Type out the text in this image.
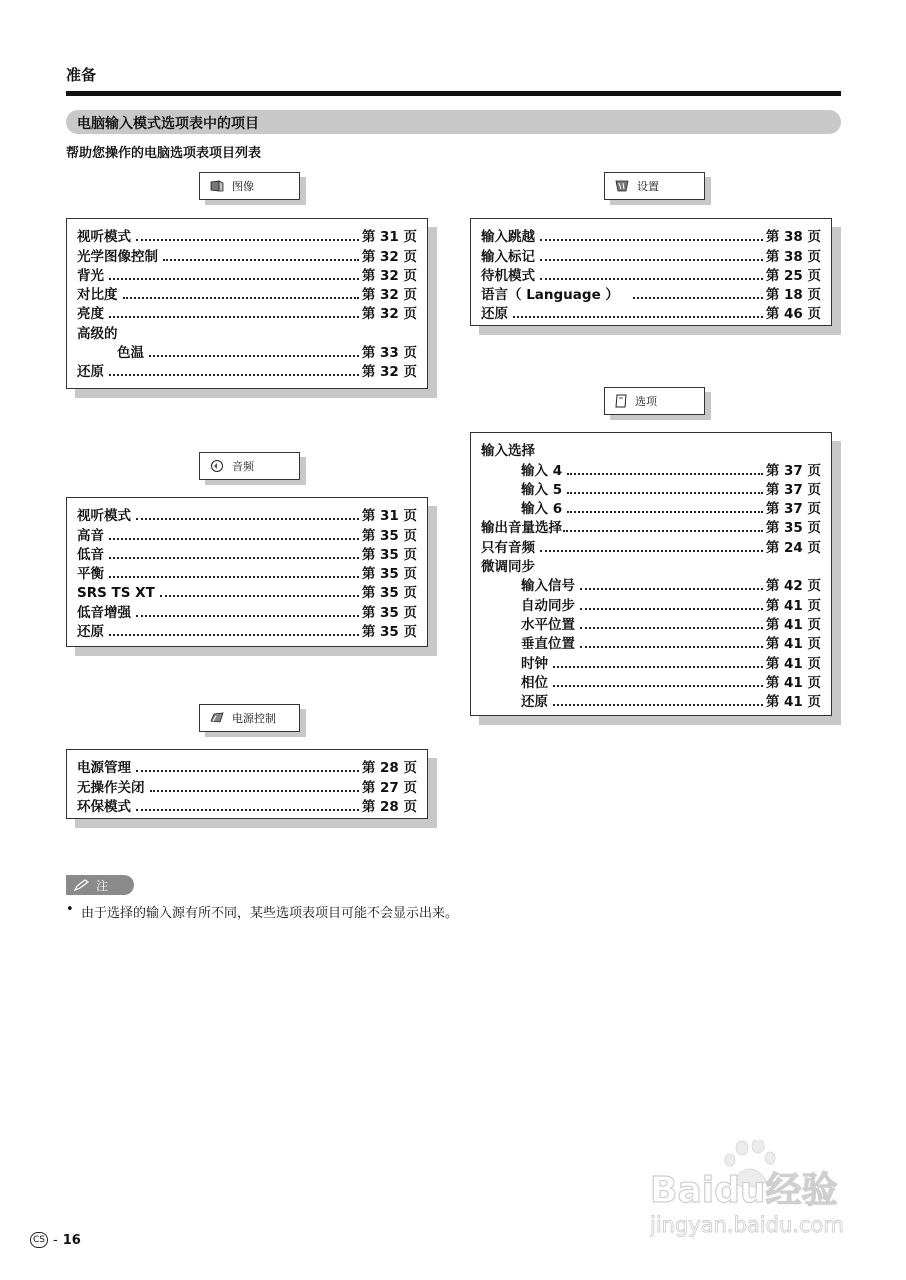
准备
电脑输入模式选项表中的项目
帮助您操作的电脑选项表项目列表
图像
视听模式	第 31 页
光学图像控制	第 32 页
背光	第 32 页
对比度	第 32 页
亮度	第 32 页
高级的
色温	第 33 页
还原	第 32 页
音频
视听模式	第 31 页
高音	第 35 页
低音	第 35 页
平衡	第 35 页
SRS TS XT	第 35 页
低音增强	第 35 页
还原	第 35 页
电源控制
电源管理	第 28 页
无操作关闭	第 27 页
环保模式	第 28 页
设置
输入跳越	第 38 页
输入标记	第 38 页
待机模式	第 25 页
语言（ Language ）	第 18 页
还原	第 46 页
选项
输入选择
输入 4	第 37 页
输入 5	第 37 页
输入 6	第 37 页
输出音量选择	第 35 页
只有音频	第 24 页
微调同步
输入信号	第 42 页
自动同步	第 41 页
水平位置	第 41 页
垂直位置	第 41 页
时钟	第 41 页
相位	第 41 页
还原	第 41 页
注
• 由于选择的输入源有所不同，某些选项表项目可能不会显示出来。
Baidu经验
jingyan.baidu.com
CS - 16
